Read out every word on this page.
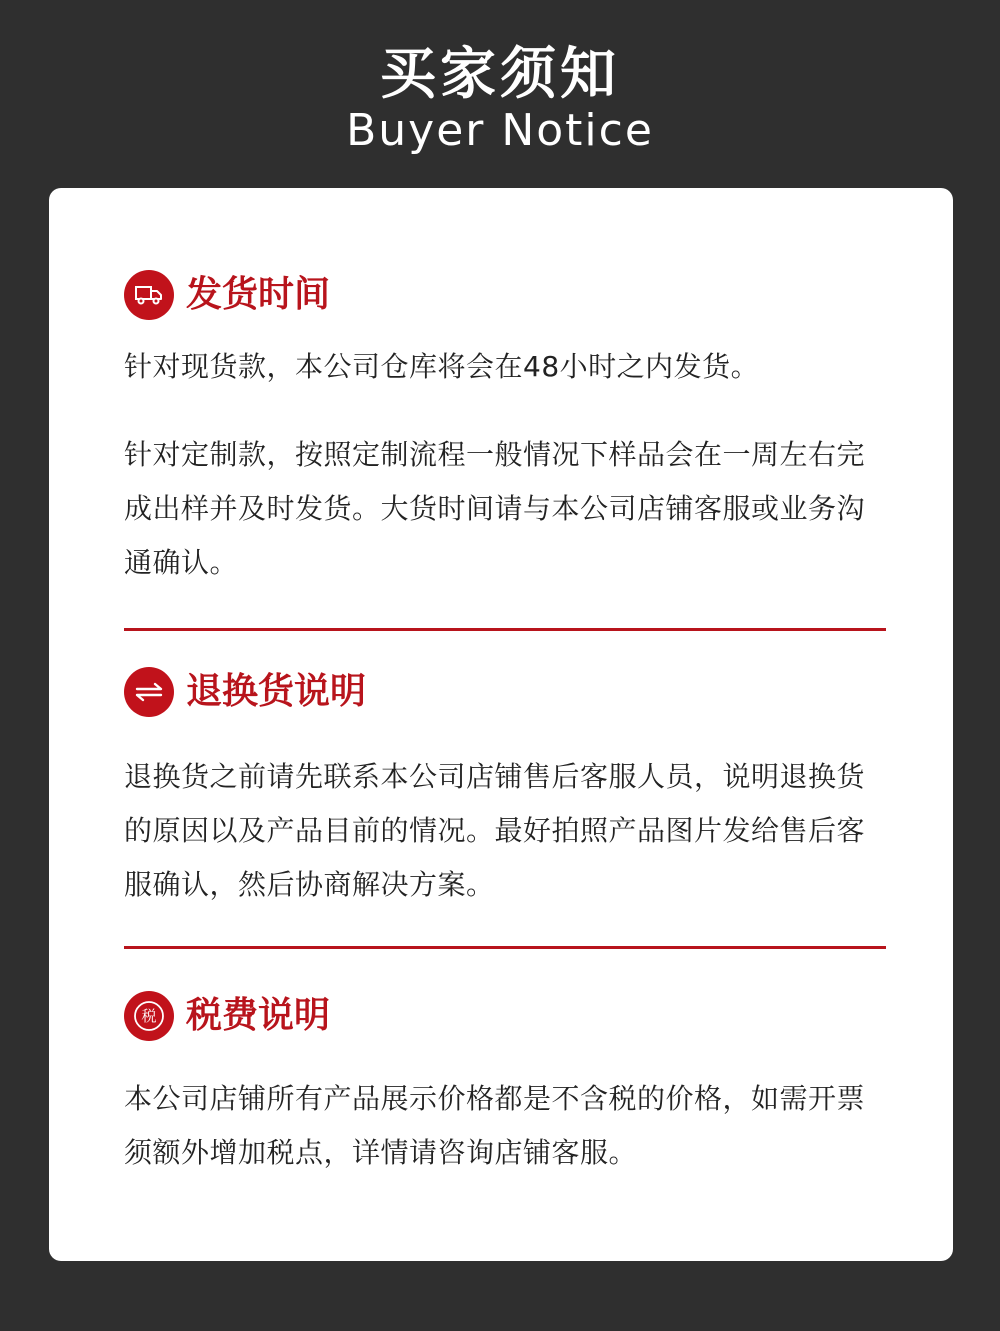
买家须知
Buyer Notice
发货时间

针对现货款，本公司仓库将会在48小时之内发货。

针对定制款，按照定制流程一般情况下样品会在一周左右完成出样并及时发货。大货时间请与本公司店铺客服或业务沟通确认。

退换货说明

退换货之前请先联系本公司店铺售后客服人员，说明退换货的原因以及产品目前的情况。最好拍照产品图片发给售后客服确认，然后协商解决方案。

税 税费说明

本公司店铺所有产品展示价格都是不含税的价格，如需开票须额外增加税点，详情请咨询店铺客服。
